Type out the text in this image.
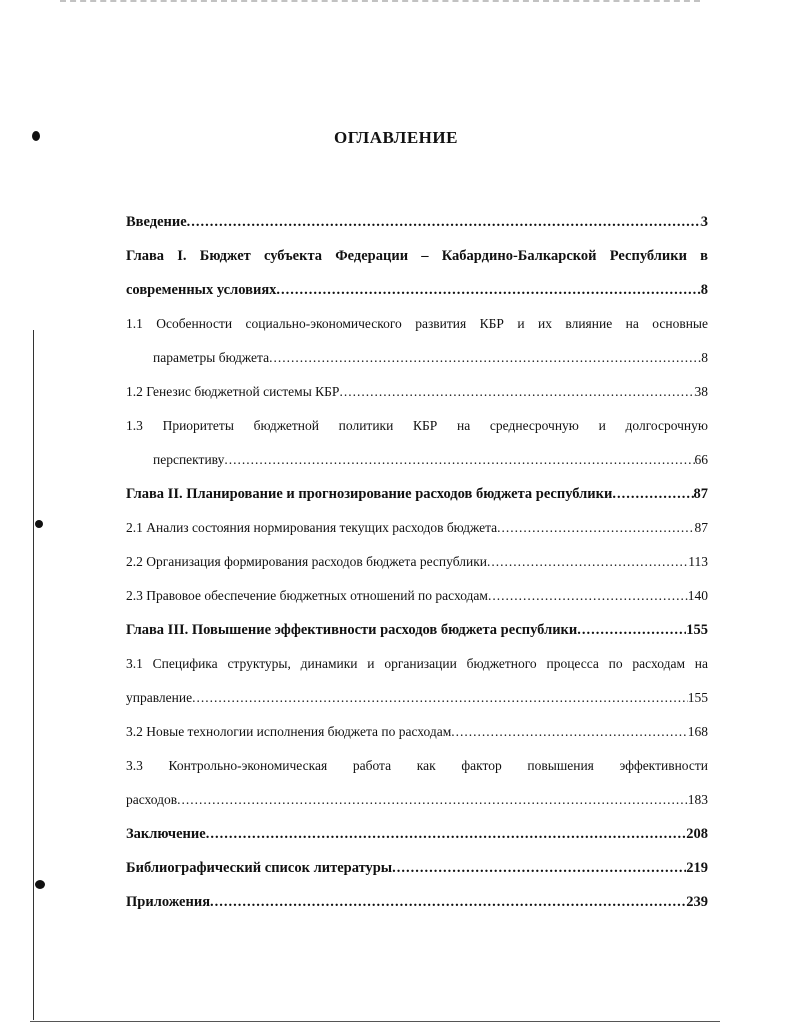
ОГЛАВЛЕНИЕ
Введение .....	3
Глава I. Бюджет субъекта Федерации – Кабардино-Балкарской Республики в
современных условиях .....	8
1.1 Особенности социально-экономического развития КБР и их влияние на основные
параметры бюджета .....	8
1.2 Генезис бюджетной системы КБР .....	38
1.3 Приоритеты бюджетной политики КБР на среднесрочную и долгосрочную
перспективу .....	66
Глава II. Планирование и прогнозирование расходов бюджета республики .....	87
2.1 Анализ состояния нормирования текущих расходов бюджета .....	87
2.2 Организация формирования расходов бюджета республики .....	113
2.3 Правовое обеспечение бюджетных отношений по расходам .....	140
Глава III. Повышение эффективности расходов бюджета республики .....	155
3.1 Специфика структуры, динамики и организации бюджетного процесса по расходам на
управление .....	155
3.2 Новые технологии исполнения бюджета по расходам .....	168
3.3 Контрольно-экономическая работа как фактор повышения эффективности
расходов .....	183
Заключение .....	208
Библиографический список литературы .....	219
Приложения .....	239
